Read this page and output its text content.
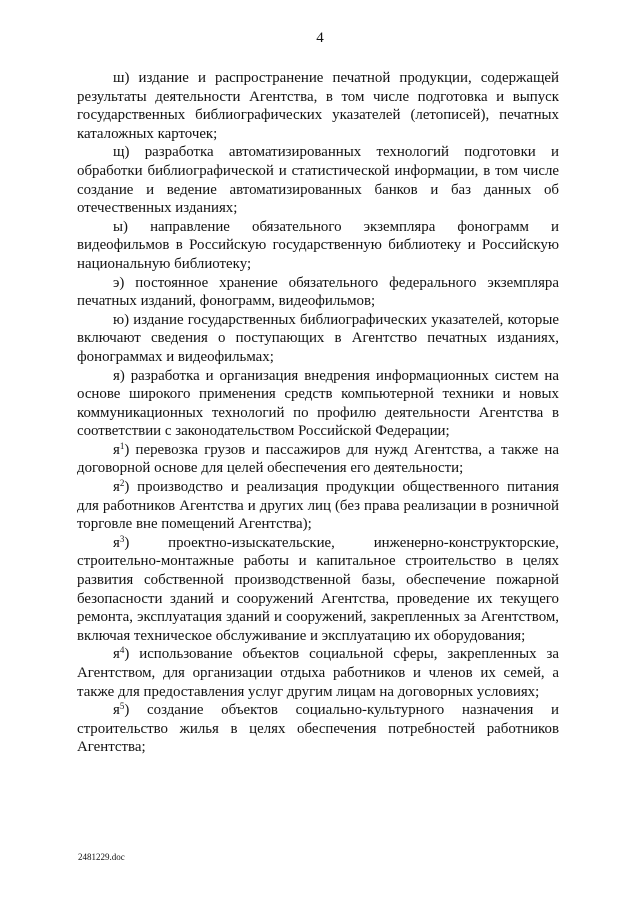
4

ш) издание и распространение печатной продукции, содержащей результаты деятельности Агентства, в том числе подготовка и выпуск государственных библиографических указателей (летописей), печатных каталожных карточек;

щ) разработка автоматизированных технологий подготовки и обработки библиографической и статистической информации, в том числе создание и ведение автоматизированных банков и баз данных об отечественных изданиях;

ы) направление обязательного экземпляра фонограмм и видеофильмов в Российскую государственную библиотеку и Российскую национальную библиотеку;

э) постоянное хранение обязательного федерального экземпляра печатных изданий, фонограмм, видеофильмов;

ю) издание государственных библиографических указателей, которые включают сведения о поступающих в Агентство печатных изданиях, фонограммах и видеофильмах;

я) разработка и организация внедрения информационных систем на основе широкого применения средств компьютерной техники и новых коммуникационных технологий по профилю деятельности Агентства в соответствии с законодательством Российской Федерации;

$я^1$) перевозка грузов и пассажиров для нужд Агентства, а также на договорной основе для целей обеспечения его деятельности;

$я^2$) производство и реализация продукции общественного питания для работников Агентства и других лиц (без права реализации в розничной торговле вне помещений Агентства);

$я^3$)	проектно-изыскательские, инженерно-конструкторские, строительно-монтажные работы и капитальное строительство в целях развития собственной производственной базы, обеспечение пожарной безопасности зданий и сооружений Агентства, проведение их текущего ремонта, эксплуатация зданий и сооружений, закрепленных за Агентством, включая техническое обслуживание и эксплуатацию их оборудования;

$я^4$) использование объектов социальной сферы, закрепленных за Агентством, для организации отдыха работников и членов их семей, а также для предоставления услуг другим лицам на договорных условиях;

$я^5$) создание объектов социально-культурного назначения и строительство жилья в целях обеспечения потребностей работников Агентства;

2481229.doc
